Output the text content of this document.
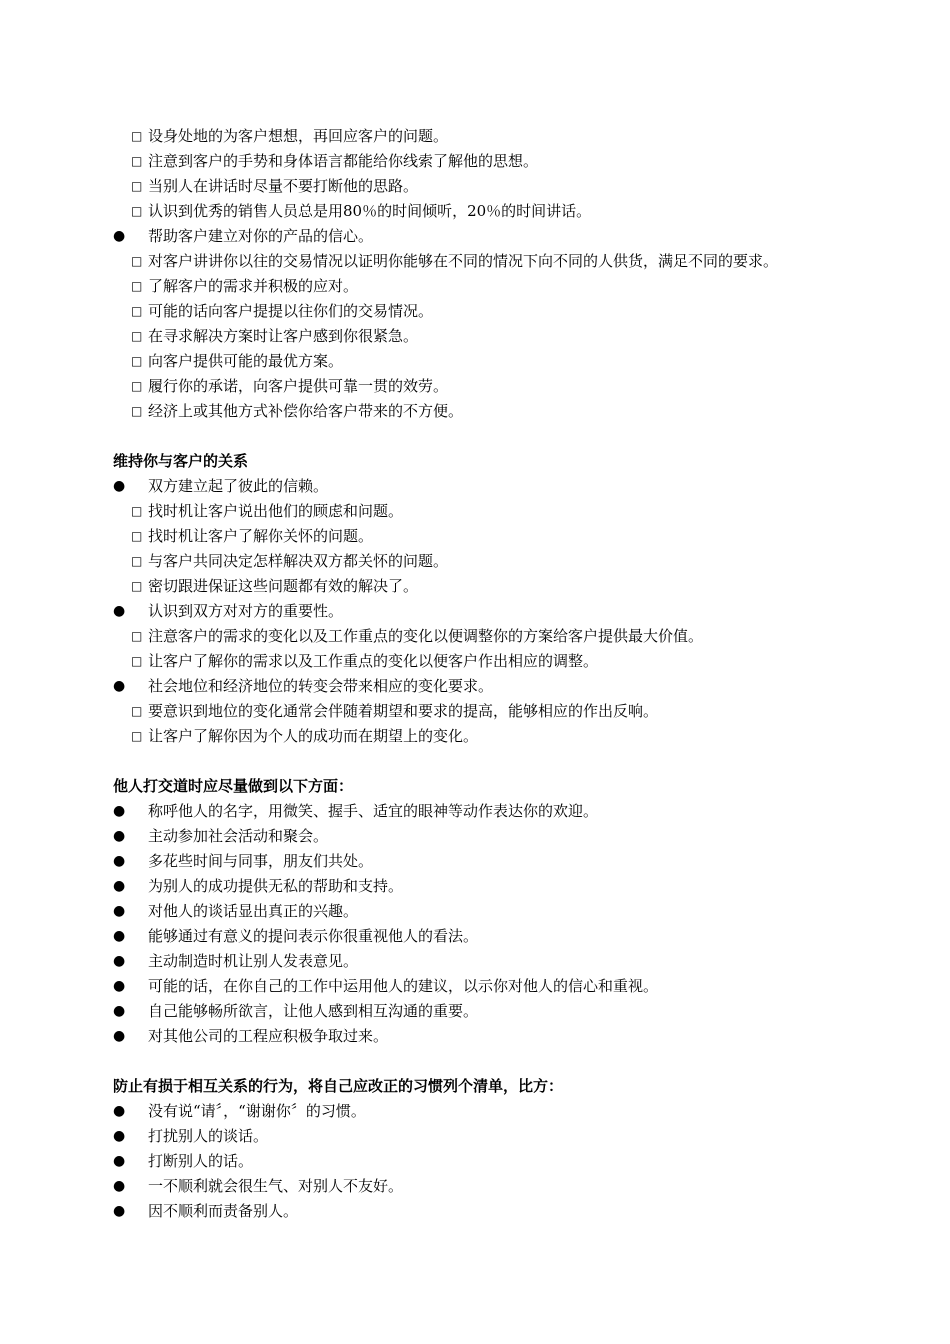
□ 设身处地的为客户想想，再回应客户的问题。
□ 注意到客户的手势和身体语言都能给你线索了解他的思想。
□ 当别人在讲话时尽量不要打断他的思路。
□ 认识到优秀的销售人员总是用80％的时间倾听，20％的时间讲话。
● 帮助客户建立对你的产品的信心。
□ 对客户讲讲你以往的交易情况以证明你能够在不同的情况下向不同的人供货，满足不同的要求。
□ 了解客户的需求并积极的应对。
□ 可能的话向客户提提以往你们的交易情况。
□ 在寻求解决方案时让客户感到你很紧急。
□ 向客户提供可能的最优方案。
□ 履行你的承诺，向客户提供可靠一贯的效劳。
□ 经济上或其他方式补偿你给客户带来的不方便。
维持你与客户的关系
● 双方建立起了彼此的信赖。
□ 找时机让客户说出他们的顾虑和问题。
□ 找时机让客户了解你关怀的问题。
□ 与客户共同决定怎样解决双方都关怀的问题。
□ 密切跟进保证这些问题都有效的解决了。
● 认识到双方对对方的重要性。
□ 注意客户的需求的变化以及工作重点的变化以便调整你的方案给客户提供最大价值。
□ 让客户了解你的需求以及工作重点的变化以便客户作出相应的调整。
● 社会地位和经济地位的转变会带来相应的变化要求。
□ 要意识到地位的变化通常会伴随着期望和要求的提高，能够相应的作出反响。
□ 让客户了解你因为个人的成功而在期望上的变化。
他人打交道时应尽量做到以下方面：
● 称呼他人的名字，用微笑、握手、适宜的眼神等动作表达你的欢迎。
● 主动参加社会活动和聚会。
● 多花些时间与同事，朋友们共处。
● 为别人的成功提供无私的帮助和支持。
● 对他人的谈话显出真正的兴趣。
● 能够通过有意义的提问表示你很重视他人的看法。
● 主动制造时机让别人发表意见。
● 可能的话，在你自己的工作中运用他人的建议，以示你对他人的信心和重视。
● 自己能够畅所欲言，让他人感到相互沟通的重要。
● 对其他公司的工程应积极争取过来。
防止有损于相互关系的行为，将自己应改正的习惯列个清单，比方：
● 没有说“请〞，“谢谢你〞的习惯。
● 打扰别人的谈话。
● 打断别人的话。
● 一不顺利就会很生气、对别人不友好。
● 因不顺利而责备别人。
